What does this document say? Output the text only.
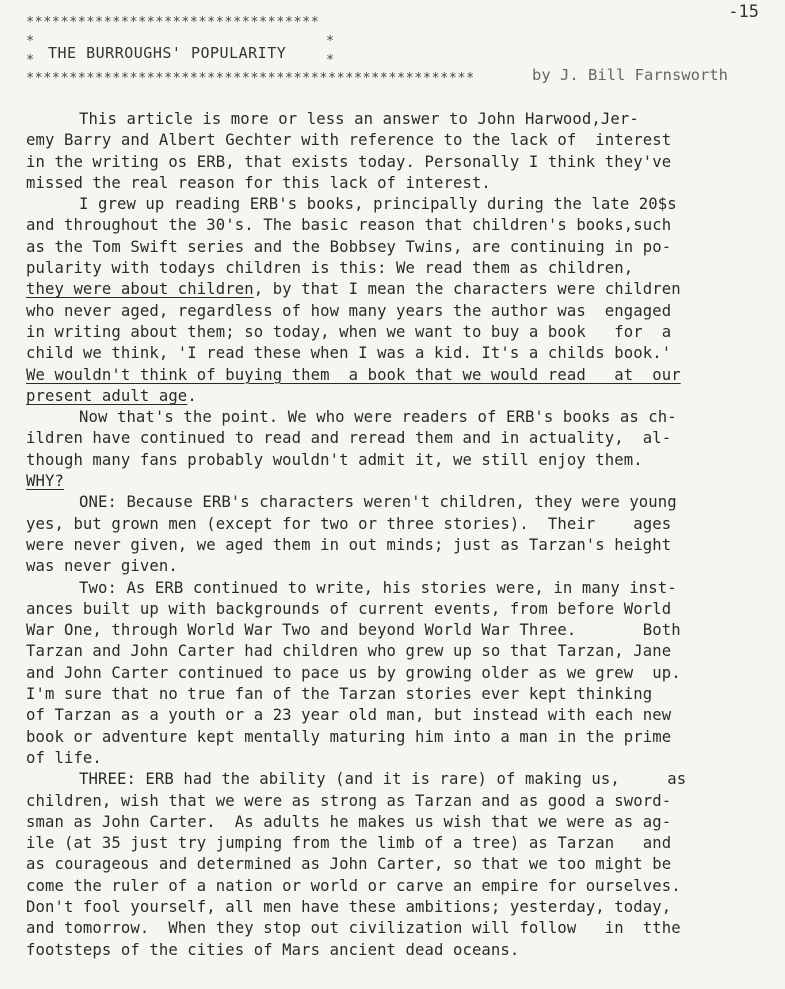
-15
**********************************
*
*
*
*
THE BURROUGHS' POPULARITY
****************************************************	by J. Bill Farnsworth

This article is more or less an answer to John Harwood,Jer-
emy Barry and Albert Gechter with reference to the lack of  interest
in the writing os ERB, that exists today. Personally I think they've
missed the real reason for this lack of interest.

I grew up reading ERB's books, principally during the late 20$s
and throughout the 30's. The basic reason that children's books,such
as the Tom Swift series and the Bobbsey Twins, are continuing in po-
pularity with todays children is this: We read them as children,
they were about children, by that I mean the characters were children
who never aged, regardless of how many years the author was  engaged
in writing about them; so today, when we want to buy a book   for  a
child we think, 'I read these when I was a kid. It's a childs book.'
We wouldn't think of buying them  a book that we would read   at  our
present adult age.

Now that's the point. We who were readers of ERB's books as ch-
ildren have continued to read and reread them and in actuality,  al-
though many fans probably wouldn't admit it, we still enjoy them.
WHY?

ONE: Because ERB's characters weren't children, they were young
yes, but grown men (except for two or three stories).  Their    ages
were never given, we aged them in out minds; just as Tarzan's height
was never given.

Two: As ERB continued to write, his stories were, in many inst-
ances built up with backgrounds of current events, from before World
War One, through World War Two and beyond World War Three.       Both
Tarzan and John Carter had children who grew up so that Tarzan, Jane
and John Carter continued to pace us by growing older as we grew  up.
I'm sure that no true fan of the Tarzan stories ever kept thinking
of Tarzan as a youth or a 23 year old man, but instead with each new
book or adventure kept mentally maturing him into a man in the prime
of life.

THREE: ERB had the ability (and it is rare) of making us,     as
children, wish that we were as strong as Tarzan and as good a sword-
sman as John Carter.  As adults he makes us wish that we were as ag-
ile (at 35 just try jumping from the limb of a tree) as Tarzan   and
as courageous and determined as John Carter, so that we too might be
come the ruler of a nation or world or carve an empire for ourselves.
Don't fool yourself, all men have these ambitions; yesterday, today,
and tomorrow.  When they stop out civilization will follow   in  tthe
footsteps of the cities of Mars ancient dead oceans.
